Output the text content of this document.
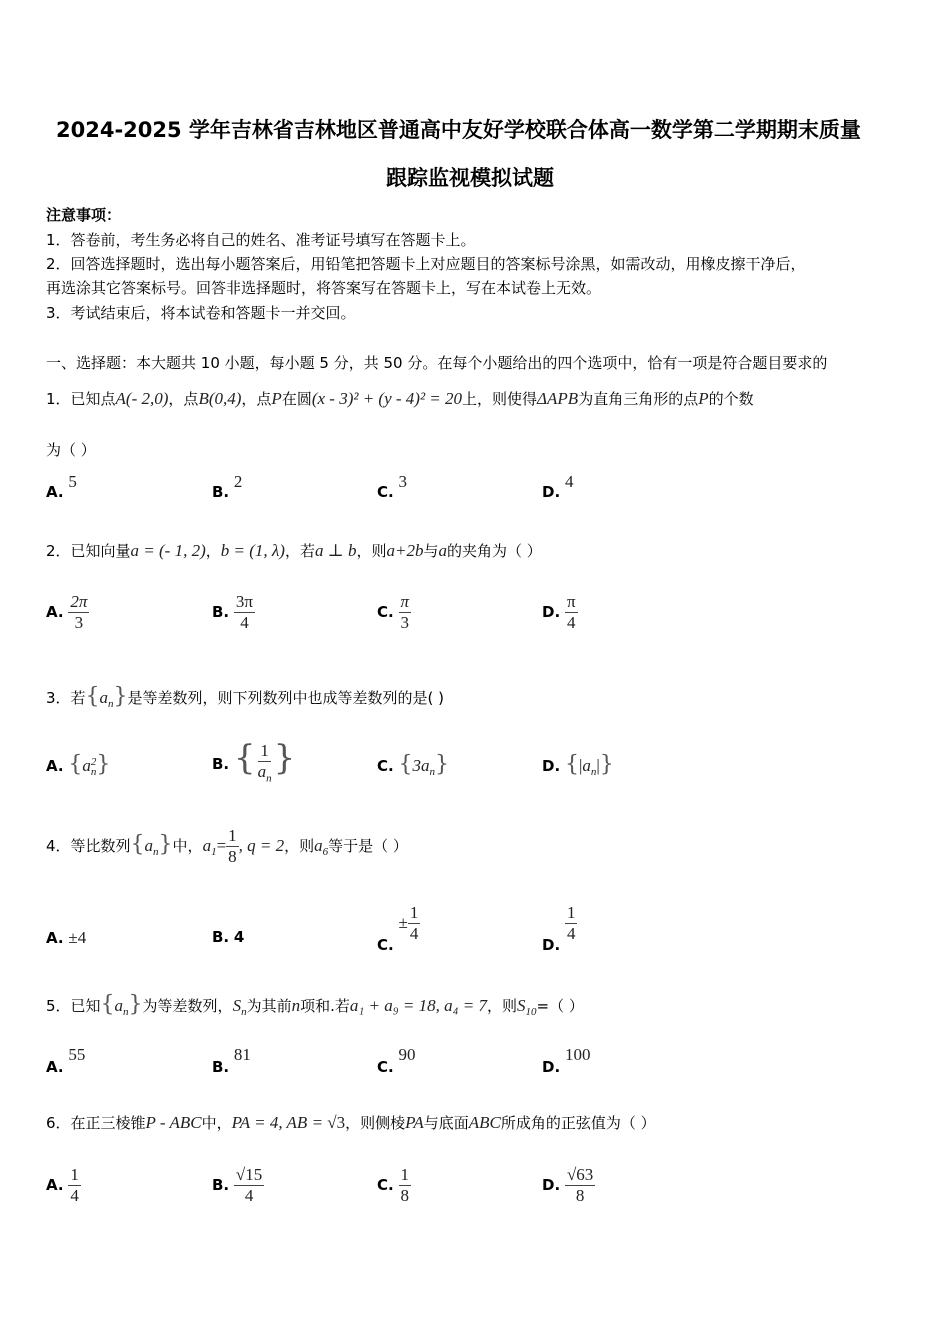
2024-2025 学年吉林省吉林地区普通高中友好学校联合体高一数学第二学期期末质量
跟踪监视模拟试题
注意事项：
1．答卷前，考生务必将自己的姓名、准考证号填写在答题卡上。
2．回答选择题时，选出每小题答案后，用铅笔把答题卡上对应题目的答案标号涂黑，如需改动，用橡皮擦干净后，
再选涂其它答案标号。回答非选择题时，将答案写在答题卡上，写在本试卷上无效。
3．考试结束后，将本试卷和答题卡一并交回。
一、选择题：本大题共 10 小题，每小题 5 分，共 50 分。在每个小题给出的四个选项中，恰有一项是符合题目要求的
1．已知点A(- 2,0)，点B(0,4)，点P在圆(x - 3)² + (y - 4)² = 20上，则使得ΔAPB为直角三角形的点P的个数
为（ ）
A. 5
B. 2
C. 3
D. 4
2．已知向量a = (- 1, 2)，b = (1, λ)，若a ⊥ b，则a+2b与a的夹角为（ ）
A. $\frac{2\pi}{3}$	B. $\frac{3\pi}{4}$	C. $\frac{\pi}{3}$	D. $\frac{\pi}{4}$
3．若$\{a_n\}$是等差数列，则下列数列中也成等差数列的是( )
A. {a 2
n }	B. { $\frac{1}{a_n}$ }	C. $\{3a_n\}$	D. $\{|a_n|\}$
4．等比数列$\{a_n\}$中，$a_1= \frac{1}{8}$ , q = 2，则$a_6$等于是（ ）
A. ±4	B. 4	C. ± $\frac{1}{4}$
D.
$\frac{1}{4}$
5．已知$\{a_n\}$为等差数列，$S_n$为其前n项和.若a₁ + a₉ = 18, a₄ = 7，则$S_{10}=$（ ）
A. 55
B. 81
C. 90
D. 100
6．在正三棱锥P - ABC中，PA = 4, AB = √3，则侧棱PA与底面ABC所成角的正弦值为（ ）
A. $\frac{1}{4}$	B. $\frac{√15}{4}$	C. $\frac{1}{8}$	D. $\frac{√63}{8}$
